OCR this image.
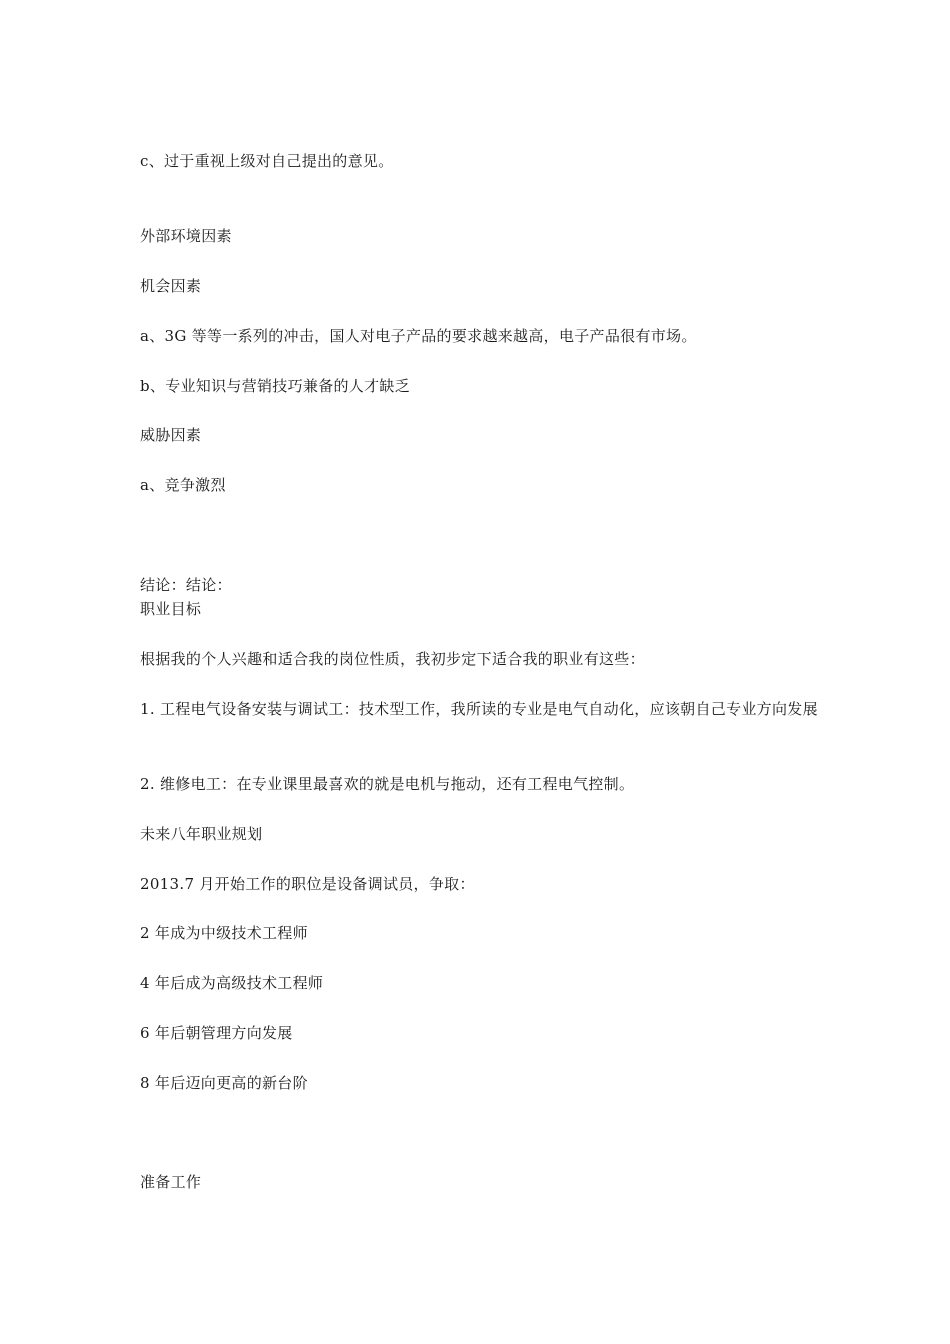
c、过于重视上级对自己提出的意见。
外部环境因素
机会因素
a、3G 等等一系列的冲击，国人对电子产品的要求越来越高，电子产品很有市场。
b、专业知识与营销技巧兼备的人才缺乏
威胁因素
a、竞争激烈
结论：结论：
职业目标
根据我的个人兴趣和适合我的岗位性质，我初步定下适合我的职业有这些：
1. 工程电气设备安装与调试工：技术型工作，我所读的专业是电气自动化，应该朝自己专业方向发展
2. 维修电工：在专业课里最喜欢的就是电机与拖动，还有工程电气控制。
未来八年职业规划
2013.7 月开始工作的职位是设备调试员，争取：
2 年成为中级技术工程师
4 年后成为高级技术工程师
6 年后朝管理方向发展
8 年后迈向更高的新台阶
准备工作
